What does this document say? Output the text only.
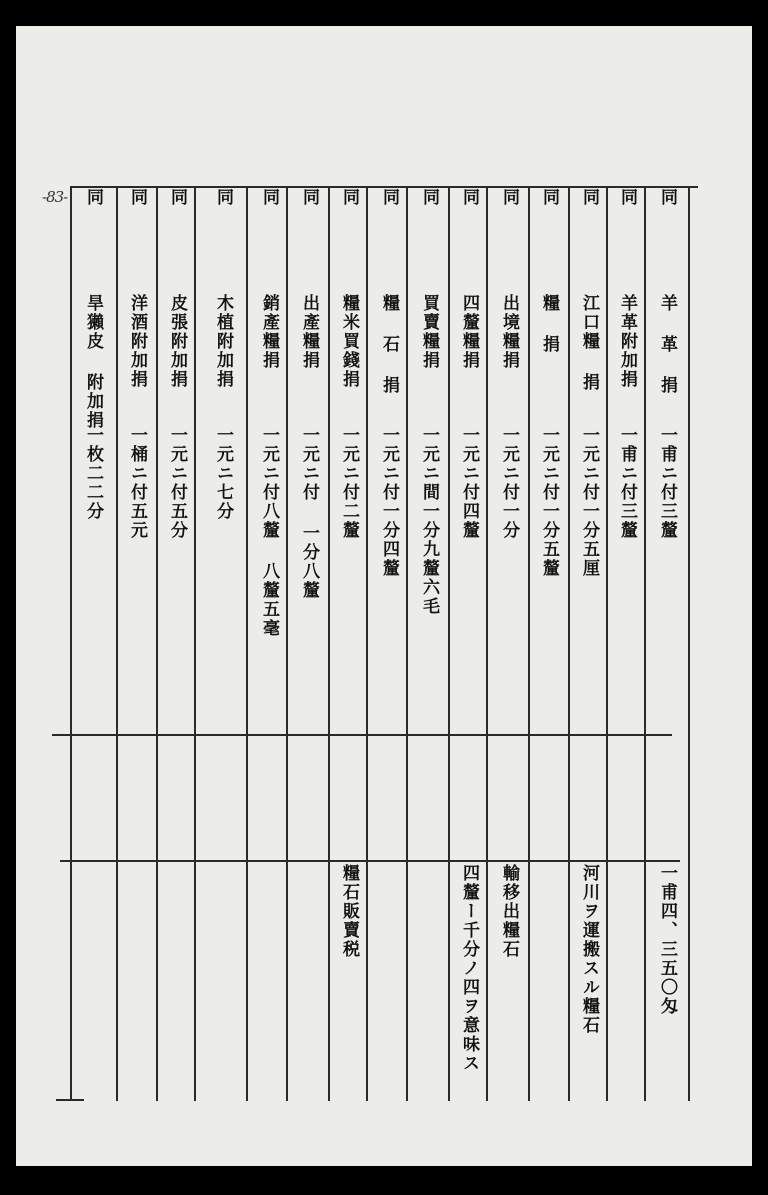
-83-	同
羊 革 捐
一甫ニ付三釐
一甫四、三五〇匁
同
羊革附加捐
一甫ニ付三釐
同
江口糧 捐
一元ニ付一分五厘
河川ヲ運搬スル糧石
同
糧 捐
一元ニ付一分五釐
同
出境糧捐
一元ニ付一分
輸移出糧石
同
四釐糧捐
一元ニ付四釐
四釐ー千分ノ四ヲ意味ス
同
買賣糧捐
一元ニ間一分九釐六毛
同
糧 石 捐
一元ニ付一分四釐
同
糧米買錢捐
一元ニ付二釐
糧石販賣税
同
出產糧捐
一元ニ付 一分八釐
同
銷產糧捐
一元ニ付八釐 八釐五毫
同
木植附加捐
一元ニ七分
同
皮張附加捐
一元ニ付五分
同
洋酒附加捐
一桶ニ付五元
同
旱獺皮 附加捐
一枚二二分
